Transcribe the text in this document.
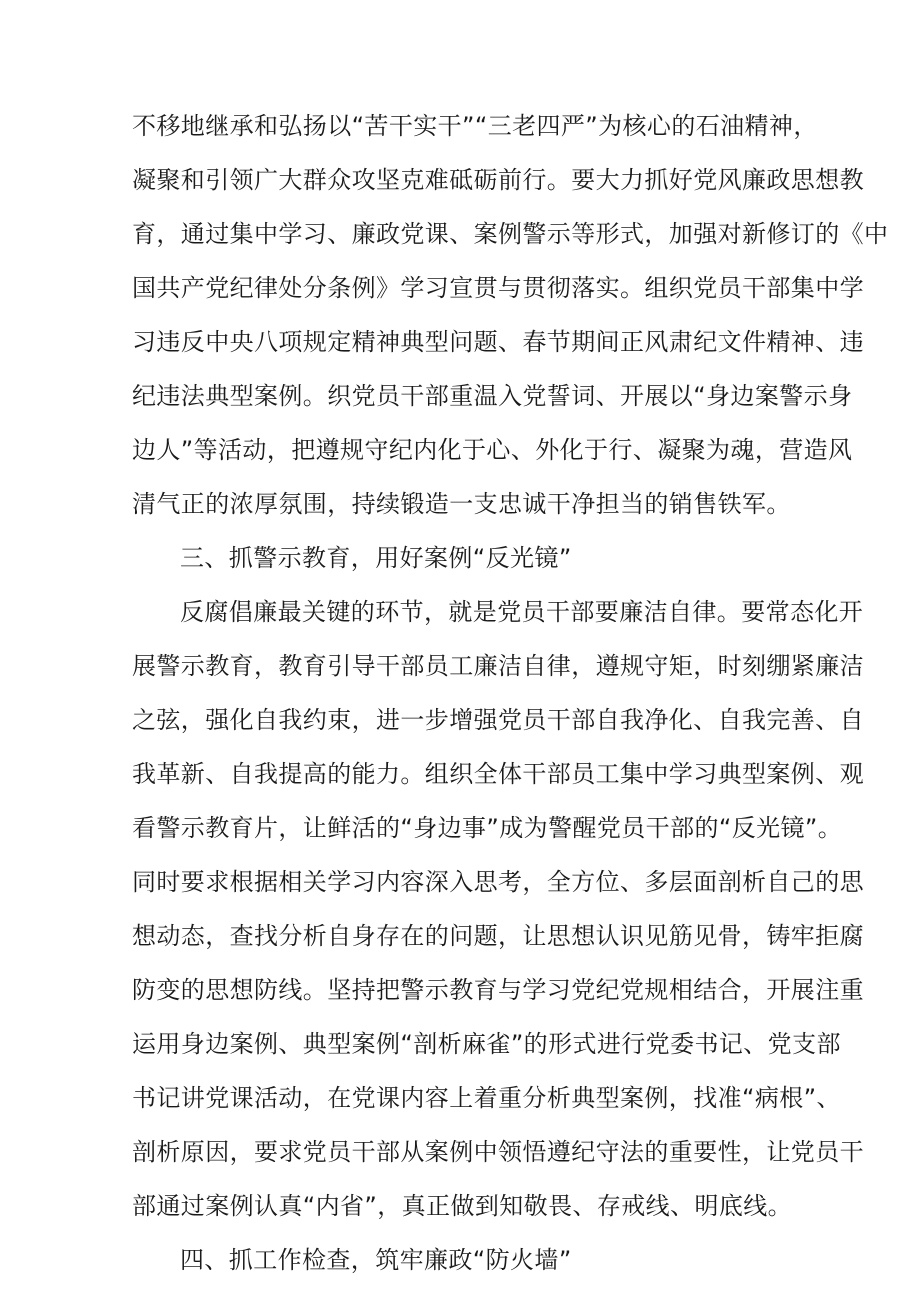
不移地继承和弘扬以“苦干实干”“三老四严”为核心的石油精神，
凝聚和引领广大群众攻坚克难砥砺前行。要大力抓好党风廉政思想教
育，通过集中学习、廉政党课、案例警示等形式，加强对新修订的《中
国共产党纪律处分条例》学习宣贯与贯彻落实。组织党员干部集中学
习违反中央八项规定精神典型问题、春节期间正风肃纪文件精神、违
纪违法典型案例。织党员干部重温入党誓词、开展以“身边案警示身
边人”等活动，把遵规守纪内化于心、外化于行、凝聚为魂，营造风
清气正的浓厚氛围，持续锻造一支忠诚干净担当的销售铁军。
三、抓警示教育，用好案例“反光镜”
反腐倡廉最关键的环节，就是党员干部要廉洁自律。要常态化开
展警示教育，教育引导干部员工廉洁自律，遵规守矩，时刻绷紧廉洁
之弦，强化自我约束，进一步增强党员干部自我净化、自我完善、自
我革新、自我提高的能力。组织全体干部员工集中学习典型案例、观
看警示教育片，让鲜活的“身边事”成为警醒党员干部的“反光镜”。
同时要求根据相关学习内容深入思考，全方位、多层面剖析自己的思
想动态，查找分析自身存在的问题，让思想认识见筋见骨，铸牢拒腐
防变的思想防线。坚持把警示教育与学习党纪党规相结合，开展注重
运用身边案例、典型案例“剖析麻雀”的形式进行党委书记、党支部
书记讲党课活动，在党课内容上着重分析典型案例，找准“病根”、
剖析原因，要求党员干部从案例中领悟遵纪守法的重要性，让党员干
部通过案例认真“内省”，真正做到知敬畏、存戒线、明底线。
四、抓工作检查，筑牢廉政“防火墙”
